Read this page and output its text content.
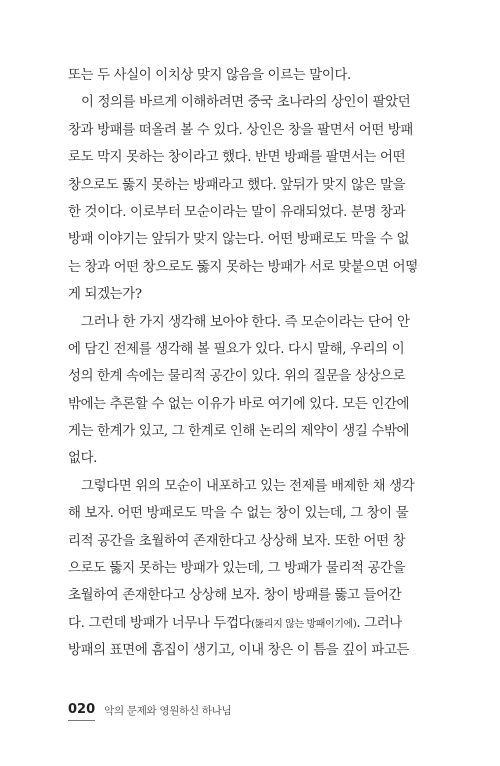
또는 두 사실이 이치상 맞지 않음을 이르는 말이다.
이 정의를 바르게 이해하려면 중국 초나라의 상인이 팔았던
창과 방패를 떠올려 볼 수 있다. 상인은 창을 팔면서 어떤 방패
로도 막지 못하는 창이라고 했다. 반면 방패를 팔면서는 어떤
창으로도 뚫지 못하는 방패라고 했다. 앞뒤가 맞지 않은 말을
한 것이다. 이로부터 모순이라는 말이 유래되었다. 분명 창과
방패 이야기는 앞뒤가 맞지 않는다. 어떤 방패로도 막을 수 없
는 창과 어떤 창으로도 뚫지 못하는 방패가 서로 맞붙으면 어떻
게 되겠는가?
그러나 한 가지 생각해 보아야 한다. 즉 모순이라는 단어 안
에 담긴 전제를 생각해 볼 필요가 있다. 다시 말해, 우리의 이
성의 한계 속에는 물리적 공간이 있다. 위의 질문을 상상으로
밖에는 추론할 수 없는 이유가 바로 여기에 있다. 모든 인간에
게는 한계가 있고, 그 한계로 인해 논리의 제약이 생길 수밖에
없다.
그렇다면 위의 모순이 내포하고 있는 전제를 배제한 채 생각
해 보자. 어떤 방패로도 막을 수 없는 창이 있는데, 그 창이 물
리적 공간을 초월하여 존재한다고 상상해 보자. 또한 어떤 창
으로도 뚫지 못하는 방패가 있는데, 그 방패가 물리적 공간을
초월하여 존재한다고 상상해 보자. 창이 방패를 뚫고 들어간
다. 그런데 방패가 너무나 두껍다(뚫리지 않는 방패이기에). 그러나
방패의 표면에 흠집이 생기고, 이내 창은 이 틈을 깊이 파고든
020 악의 문제와 영원하신 하나님
